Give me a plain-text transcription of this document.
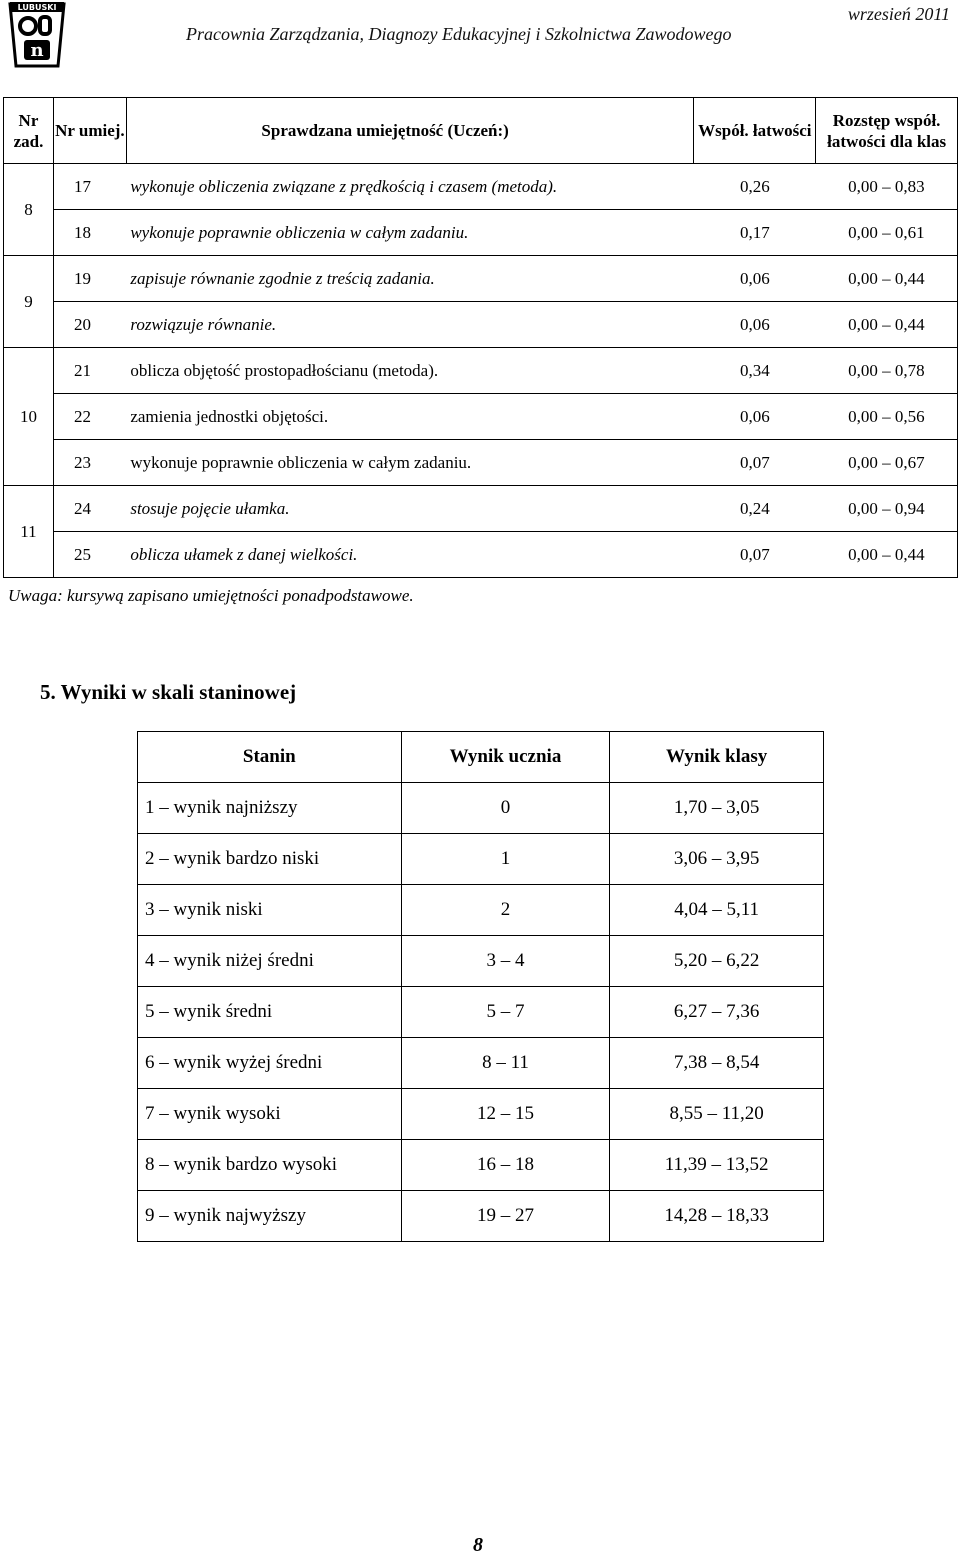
LUBUSKI
n
wrzesień 2011
Pracownia Zarządzania, Diagnozy Edukacyjnej i Szkolnictwa Zawodowego
Nr zad.	Nr umiej.	Sprawdzana umiejętność (Uczeń:)	Współ. łatwości	Rozstęp współ. łatwości dla klas
8	17	wykonuje obliczenia związane z prędkością i czasem (metoda).	0,26	0,00 – 0,83
	18	wykonuje poprawnie obliczenia w całym zadaniu.	0,17	0,00 – 0,61
9	19	zapisuje równanie zgodnie z treścią zadania.	0,06	0,00 – 0,44
	20	rozwiązuje równanie.	0,06	0,00 – 0,44
10	21	oblicza objętość prostopadłościanu (metoda).	0,34	0,00 – 0,78
	22	zamienia jednostki objętości.	0,06	0,00 – 0,56
	23	wykonuje poprawnie obliczenia w całym zadaniu.	0,07	0,00 – 0,67
11	24	stosuje pojęcie ułamka.	0,24	0,00 – 0,94
	25	oblicza ułamek z danej wielkości.	0,07	0,00 – 0,44
Uwaga: kursywą zapisano umiejętności ponadpodstawowe.
5. Wyniki w skali staninowej
Stanin	Wynik ucznia	Wynik klasy
1 – wynik najniższy	0	1,70 – 3,05
2 – wynik bardzo niski	1	3,06 – 3,95
3 – wynik niski	2	4,04 – 5,11
4 – wynik niżej średni	3 – 4	5,20 – 6,22
5 – wynik średni	5 – 7	6,27 – 7,36
6 – wynik wyżej średni	8 – 11	7,38 – 8,54
7 – wynik wysoki	12 – 15	8,55 – 11,20
8 – wynik bardzo wysoki	16 – 18	11,39 – 13,52
9 – wynik najwyższy	19 – 27	14,28 – 18,33
8
